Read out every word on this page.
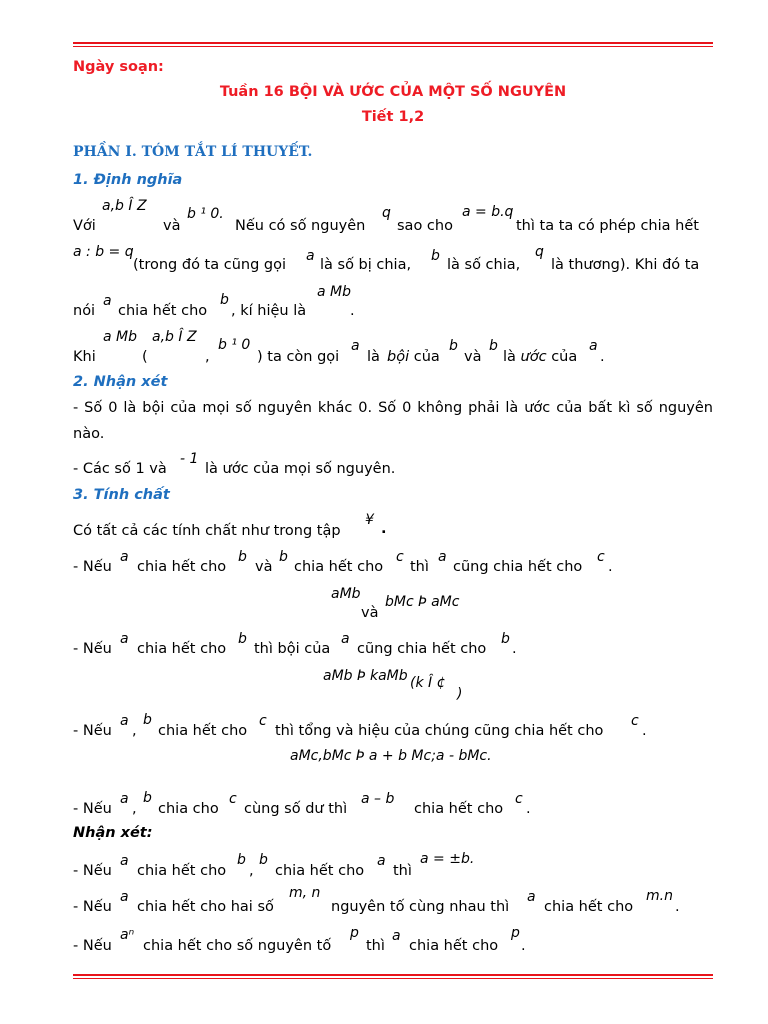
Ngày soạn:
Tuần 16 BỘI VÀ ƯỚC CỦA MỘT SỐ NGUYÊN
Tiết 1,2
PHẦN I. TÓM TẮT LÍ THUYẾT.
1. Định nghĩa
a,b Î Z	b ¹ 0.	q	a = b.q
Với	và	Nếu có số nguyên sao cho	thì ta ta có phép chia hết
a : b = q
(trong đó ta cũng gọi
a
là số bị chia,
b
là số chia,
q
là thương). Khi đó ta
a Mb
nói
a
chia hết cho
b
, kí hiệu là	.
a Mb a,b Î Z b ¹ 0
Khi	(	,	) ta còn gọi
a
là bội của
b
và
b
là ước của
a
.
2. Nhận xét
- Số 0 là bội của mọi số nguyên khác 0. Số 0 không phải là ước của bất kì số nguyên nào.
- Các số 1 và
- 1
là ước của mọi số nguyên.
3. Tính chất
Có tất cả các tính chất như trong tập
¥
.
- Nếu
a
chia hết cho
b
và
b
chia hết cho
c
thì
a
cũng chia hết cho
c
.
aMb
và
bMc Þ aMc
- Nếu
a
chia hết cho
b
thì bội của
a
cũng chia hết cho
b
.
aMb Þ kaMb (k Î ¢
)
- Nếu
a
,
b
chia hết cho
c
thì tổng và hiệu của chúng cũng chia hết cho
c
.
aMc,bMc Þ a + b Mc;a - bMc.
- Nếu
a
,
b
chia cho
c
cùng số dư thì
a – b
chia hết cho
c
.
Nhận xét:
- Nếu
a
chia hết cho
b
,
b
chia hết cho
a
thì
a = ±b.
- Nếu
a
chia hết cho hai số
m, n
nguyên tố cùng nhau thì
a
chia hết cho
m.n
.
- Nếu
aⁿ
chia hết cho số nguyên tố
p
thì
a
chia hết cho
p
.
